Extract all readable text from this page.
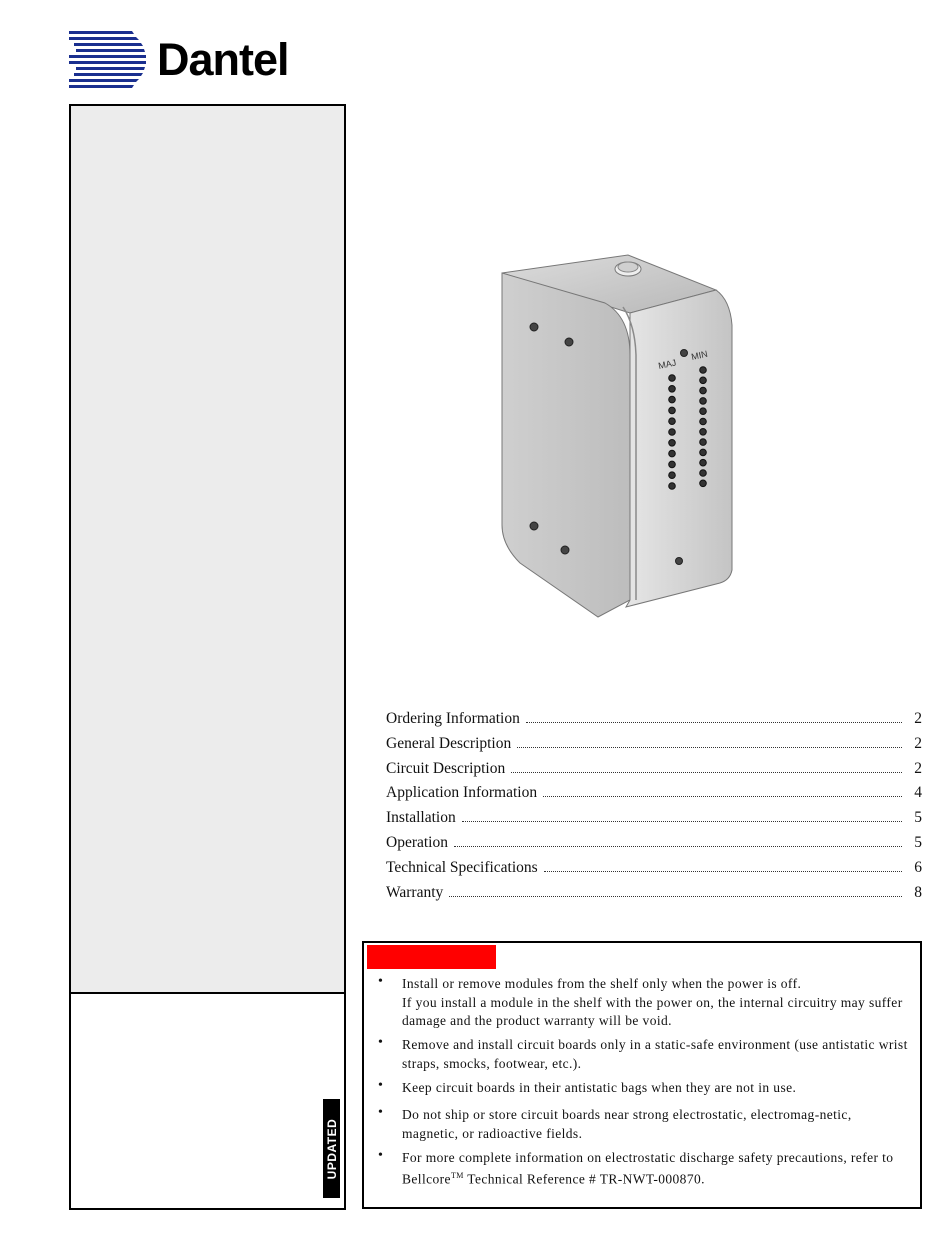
Dantel
UPDATED
MAJ
MIN
Ordering Information	2
General Description	2
Circuit Description	2
Application Information	4
Installation	5
Operation	5
Technical Specifications	6
Warranty	8
• Install or remove modules from the shelf only when the power is off.
If you install a module in the shelf with the power on, the internal circuitry may suffer damage and the product warranty will be void.
• Remove and install circuit boards only in a static-safe environment (use antistatic wrist straps, smocks, footwear, etc.).
• Keep circuit boards in their antistatic bags when they are not in use.
• Do not ship or store circuit boards near strong electrostatic, electromag-netic, magnetic, or radioactive fields.
• For more complete information on electrostatic discharge safety precautions, refer to Bellcore™ Technical Reference # TR-NWT-000870.
